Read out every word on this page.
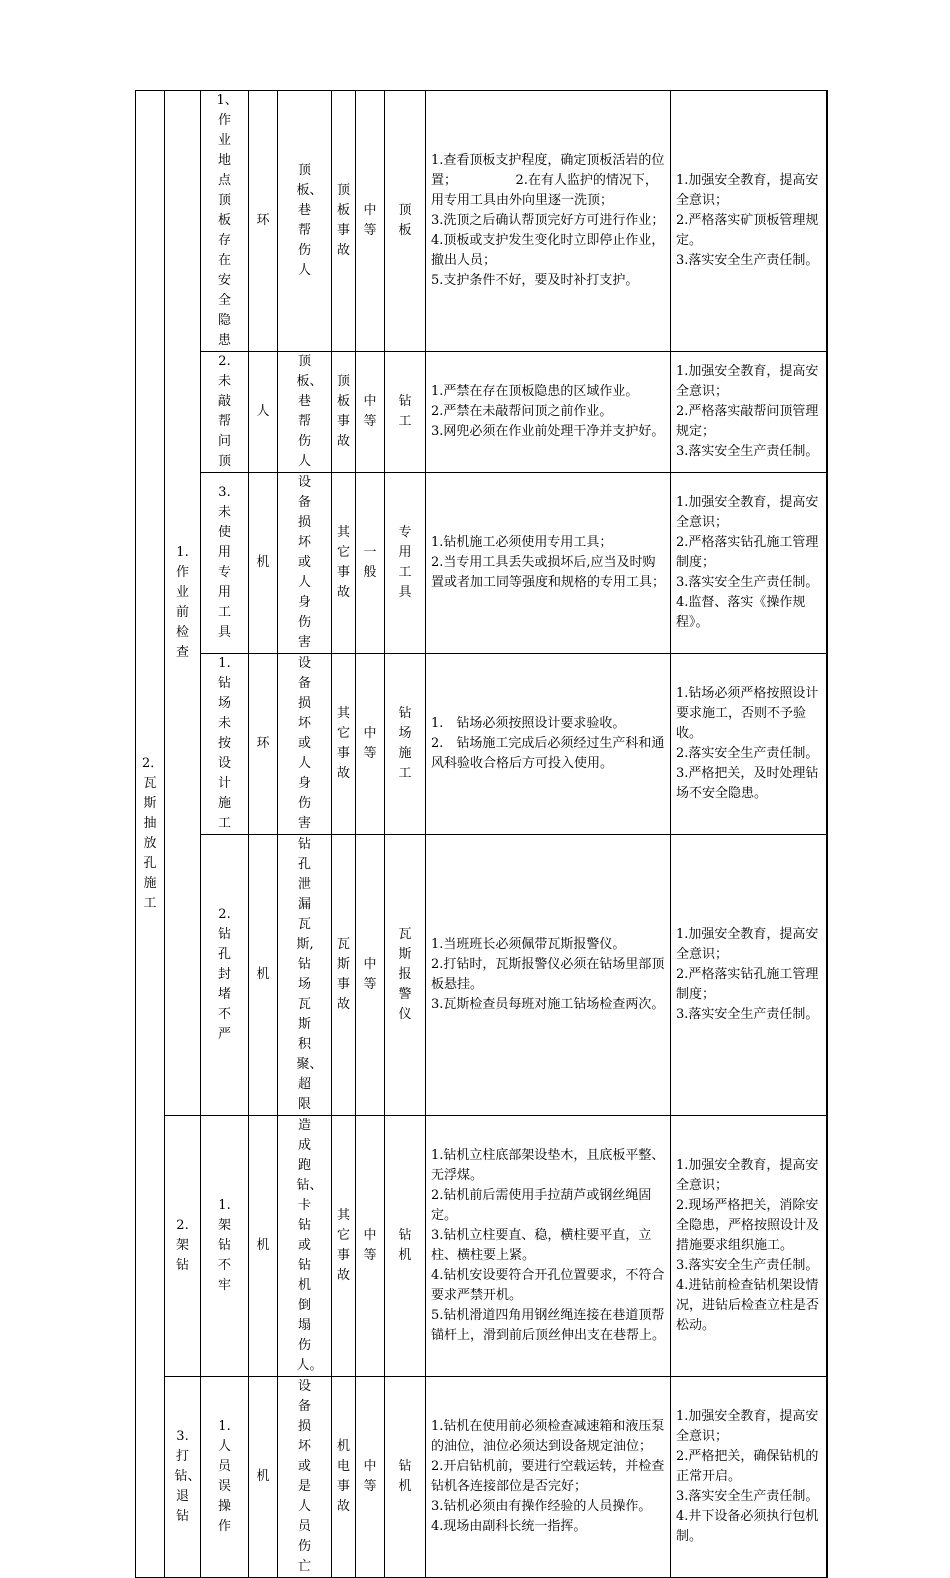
2．瓦斯抽放孔施工	1.作业前检查	1、作业地点顶板存在安全隐患	环	顶板、巷帮伤人	顶板事故	中等	顶板	1.查看顶板支护程度，确定顶板活岩的位置；　　　　　2.在有人监护的情况下，用专用工具由外向里逐一洗顶；
3.洗顶之后确认帮顶完好方可进行作业；
4.顶板或支护发生变化时立即停止作业，撤出人员；
5.支护条件不好，要及时补打支护。	1.加强安全教育，提高安全意识；
2.严格落实矿顶板管理规定。
3.落实安全生产责任制。

		2.未敲帮问顶	人	顶板、巷帮伤人	顶板事故	中等	钻工	1.严禁在存在顶板隐患的区域作业。
2.严禁在未敲帮问顶之前作业。
3.网兜必须在作业前处理干净并支护好。	1.加强安全教育，提高安全意识；
2.严格落实敲帮问顶管理规定；
3.落实安全生产责任制。

		3.未使用专用工具	机	设备损坏或人身伤害	其它事故	一般	专用工具	1.钻机施工必须使用专用工具；
2.当专用工具丢失或损坏后,应当及时购置或者加工同等强度和规格的专用工具；	1.加强安全教育，提高安全意识；
2.严格落实钻孔施工管理制度；
3.落实安全生产责任制。
4.监督、落实《操作规程》。

		1.钻场未按设计施工	环	设备损坏或人身伤害	其它事故	中等	钻场施工	1.　钻场必须按照设计要求验收。
2.　钻场施工完成后必须经过生产科和通风科验收合格后方可投入使用。	1.钻场必须严格按照设计要求施工，否则不予验收。
2.落实安全生产责任制。
3.严格把关，及时处理钻场不安全隐患。

		2.钻孔封堵不严	机	钻孔泄漏瓦斯,钻场瓦斯积聚、超限	瓦斯事故	中等	瓦斯报警仪	1.当班班长必须佩带瓦斯报警仪。
2.打钻时，瓦斯报警仪必须在钻场里部顶板悬挂。
3.瓦斯检查员每班对施工钻场检查两次。	1.加强安全教育，提高安全意识；
2.严格落实钻孔施工管理制度；
3.落实安全生产责任制。

	2.架钻	1.架钻不牢	机	造成跑钻、卡钻或钻机倒塌伤人。	其它事故	中等	钻机	1.钻机立柱底部架设垫木，且底板平整、无浮煤。
2.钻机前后需使用手拉葫芦或钢丝绳固定。
3.钻机立柱要直、稳，横柱要平直，立柱、横柱要上紧。
4.钻机安设要符合开孔位置要求，不符合要求严禁开机。
5.钻机滑道四角用钢丝绳连接在巷道顶帮锚杆上，滑到前后顶丝伸出支在巷帮上。	1.加强安全教育，提高安全意识；
2.现场严格把关，消除安全隐患，严格按照设计及措施要求组织施工。
3.落实安全生产责任制。
4.进钻前检查钻机架设情况，进钻后检查立柱是否松动。

	3.打钻、退钻	1.人员误操作	机	设备损坏或是人员伤亡	机电事故	中等	钻机	1.钻机在使用前必须检查减速箱和液压泵的油位，油位必须达到设备规定油位；
2.开启钻机前，要进行空载运转，并检查钻机各连接部位是否完好；
3.钻机必须由有操作经验的人员操作。
4.现场由副科长统一指挥。	1.加强安全教育，提高安全意识；
2.严格把关，确保钻机的正常开启。
3.落实安全生产责任制。
4.井下设备必须执行包机制。
